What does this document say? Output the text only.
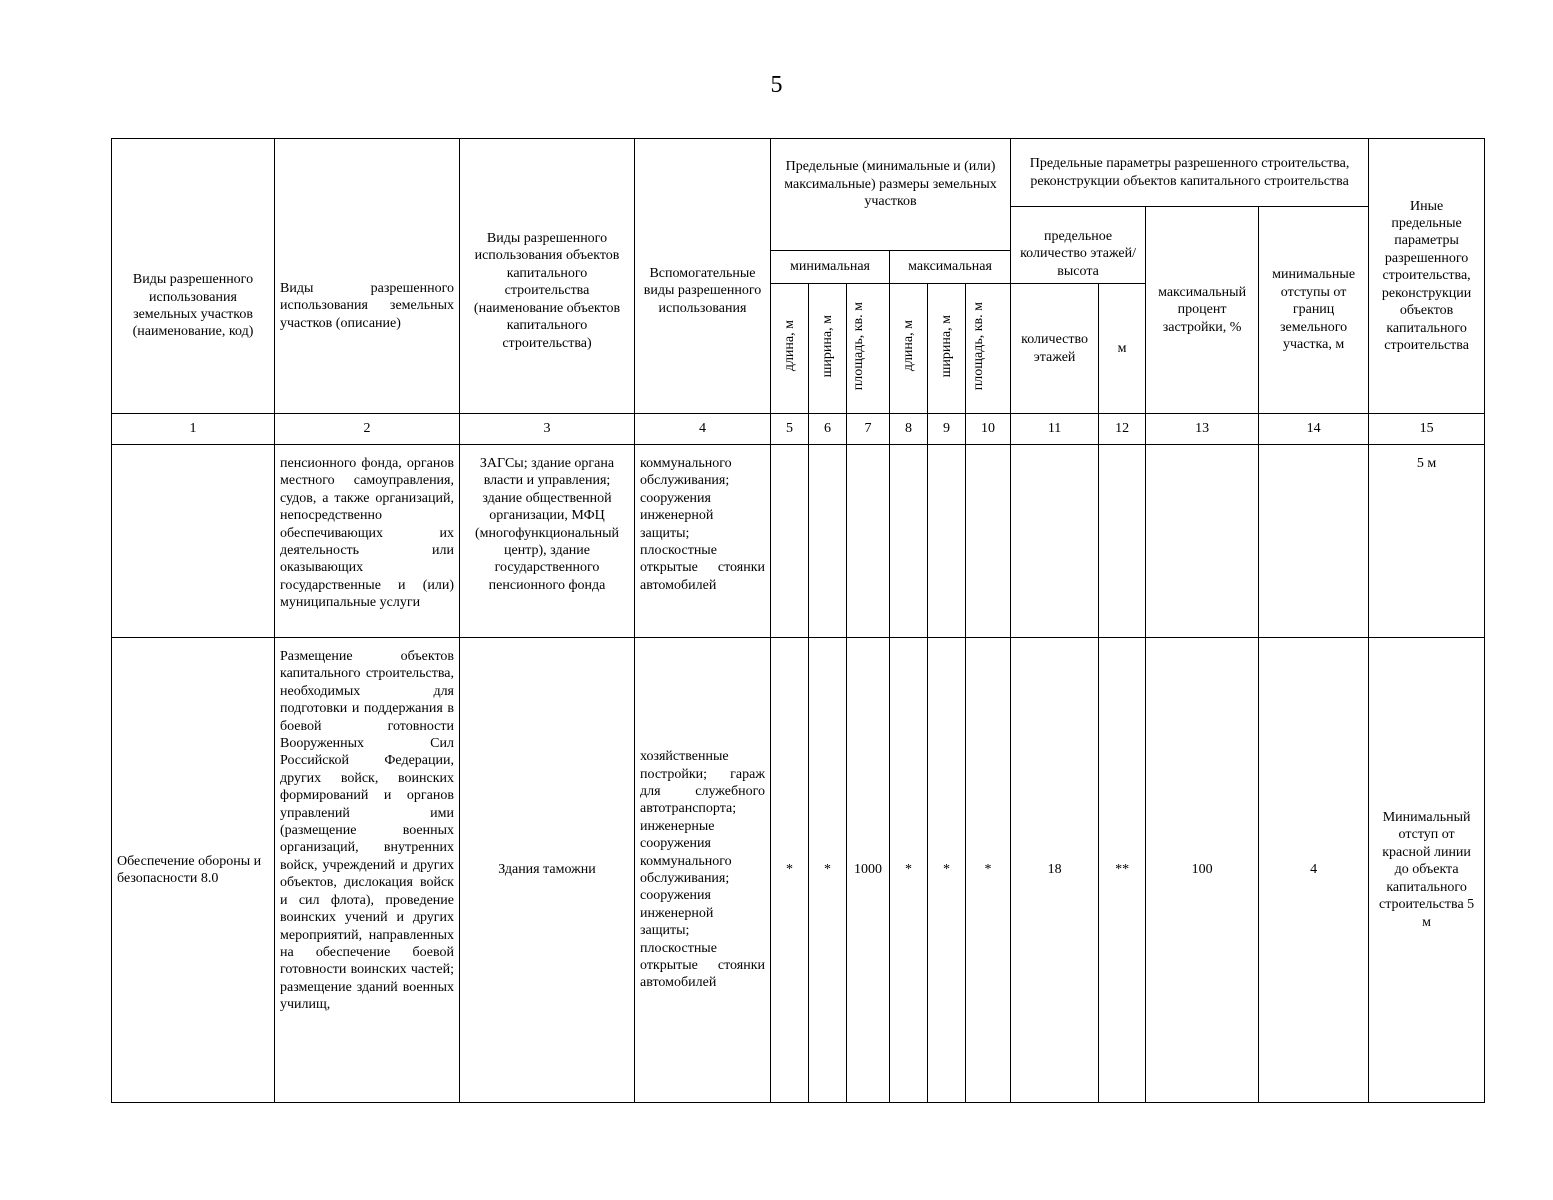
5
Виды разрешенного использования земельных участков (наименование, код)	Виды разрешенного использования земельных участков (описание)	Виды разрешенного использования объектов капитального строительства (наименование объектов капитального строительства)	Вспомогательные виды разрешенного использования	Предельные (минимальные и (или) максимальные) размеры земельных участков						Предельные параметры разрешенного строительства, реконструкции объектов капитального строительства				Иные предельные параметры разрешенного строительства, реконструкции объектов капитального строительства
										предельное количество этажей/высота		максимальный процент застройки, %	минимальные отступы от границ земельного участка, м	
				минимальная			максимальная							
				длина, м	ширина, м	площадь, кв. м	длина, м	ширина, м	площадь, кв. м	количество этажей	м			
1	2	3	4	5	6	7	8	9	10	11	12	13	14	15
	пенсионного фонда, органов местного самоуправления, судов, а также организаций, непосредственно обеспечивающих их деятельность или оказывающих государственные и (или) муниципальные услуги	ЗАГСы; здание органа власти и управления; здание общественной организации, МФЦ (многофункциональный центр), здание государственного пенсионного фонда	коммунального обслуживания; сооружения инженерной защиты; плоскостные открытые стоянки автомобилей											5 м
Обеспечение обороны и безопасности 8.0	Размещение объектов капитального строительства, необходимых для подготовки и поддержания в боевой готовности Вооруженных Сил Российской Федерации, других войск, воинских формирований и органов управлений ими (размещение военных организаций, внутренних войск, учреждений и других объектов, дислокация войск и сил флота), проведение воинских учений и других мероприятий, направленных на обеспечение боевой готовности воинских частей; размещение зданий военных училищ,	Здания таможни	хозяйственные постройки; гараж для служебного автотранспорта; инженерные сооружения коммунального обслуживания; сооружения инженерной защиты; плоскостные открытые стоянки автомобилей	*	*	1000	*	*	*	18	**	100	4	Минимальный отступ от красной линии до объекта капитального строительства 5 м
